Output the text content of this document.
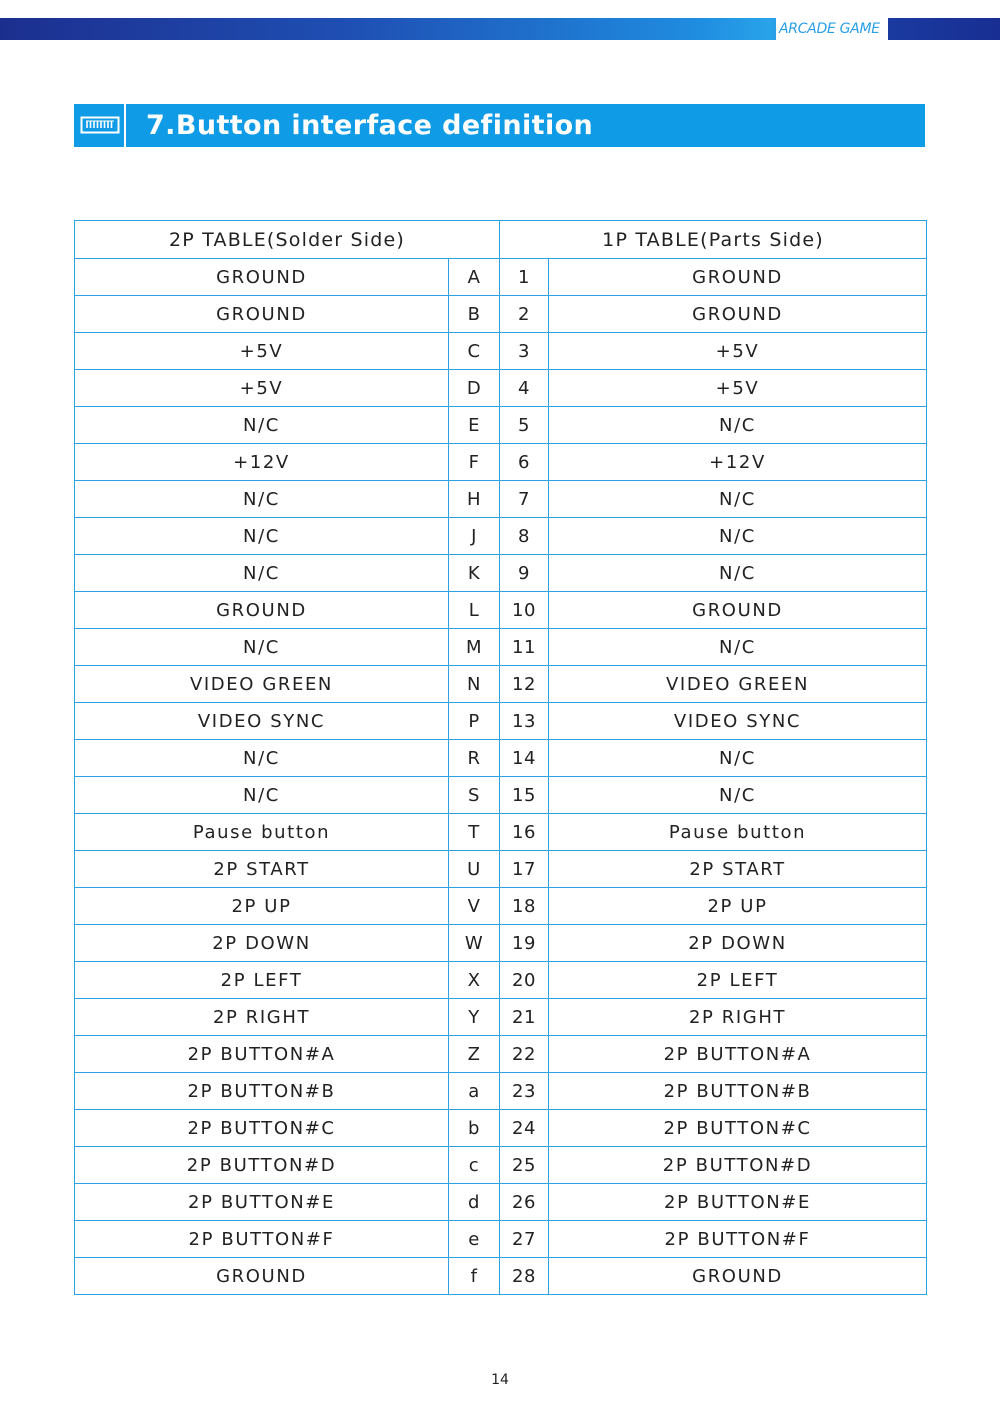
ARCADE GAME
7.Button interface definition
2P TABLE(Solder Side)		1P TABLE(Parts Side)	
GROUND	A	1	GROUND
GROUND	B	2	GROUND
+5V	C	3	+5V
+5V	D	4	+5V
N/C	E	5	N/C
+12V	F	6	+12V
N/C	H	7	N/C
N/C	J	8	N/C
N/C	K	9	N/C
GROUND	L	10	GROUND
N/C	M	11	N/C
VIDEO GREEN	N	12	VIDEO GREEN
VIDEO SYNC	P	13	VIDEO SYNC
N/C	R	14	N/C
N/C	S	15	N/C
Pause button	T	16	Pause button
2P START	U	17	2P START
2P UP	V	18	2P UP
2P DOWN	W	19	2P DOWN
2P LEFT	X	20	2P LEFT
2P RIGHT	Y	21	2P RIGHT
2P BUTTON#A	Z	22	2P BUTTON#A
2P BUTTON#B	a	23	2P BUTTON#B
2P BUTTON#C	b	24	2P BUTTON#C
2P BUTTON#D	c	25	2P BUTTON#D
2P BUTTON#E	d	26	2P BUTTON#E
2P BUTTON#F	e	27	2P BUTTON#F
GROUND	f	28	GROUND
14
